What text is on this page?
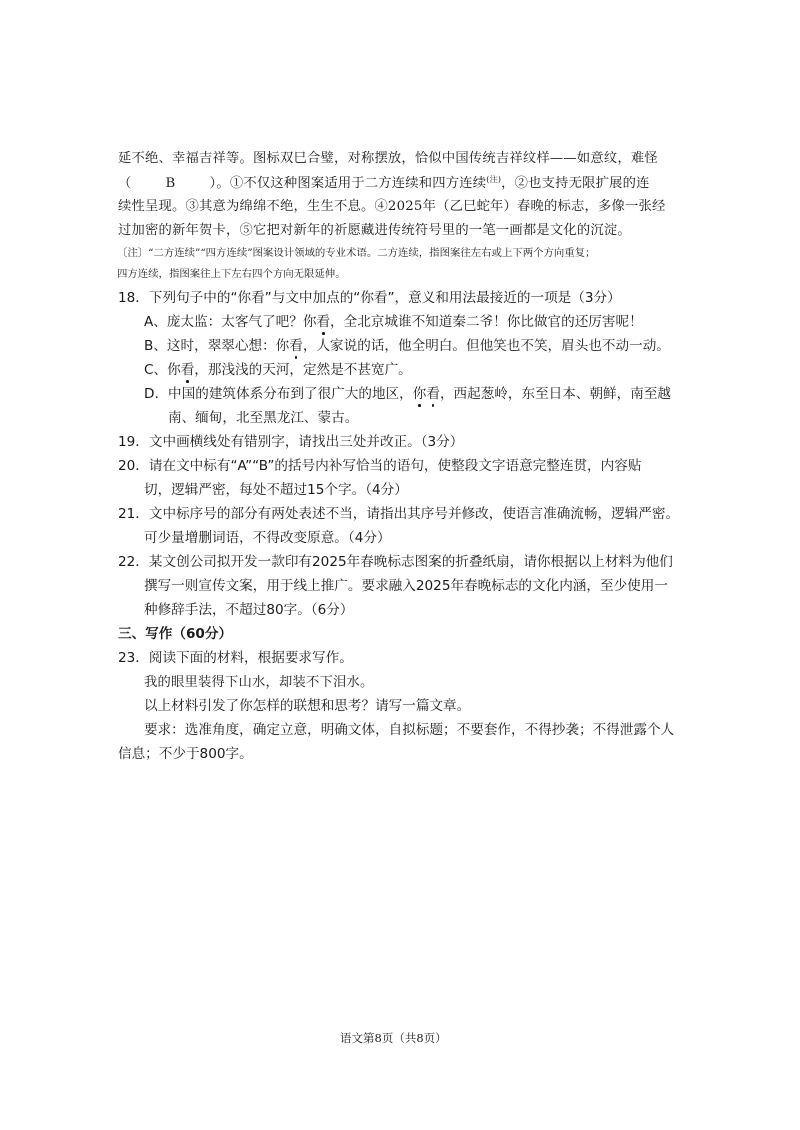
延不绝、幸福吉祥等。图标双巳合璧，对称摆放，恰似中国传统吉祥纹样——如意纹，难怪
（	B	）。①不仅这种图案适用于二方连续和四方连续$^{(注)}$，②也支持无限扩展的连
续性呈现。③其意为绵绵不绝，生生不息。④2025年（乙巳蛇年）春晚的标志，多像一张经
过加密的新年贺卡，⑤它把对新年的祈愿藏进传统符号里的一笔一画都是文化的沉淀。
〔注〕“二方连续”“四方连续”图案设计领域的专业术语。二方连续，指图案往左右或上下两个方向重复；
四方连续，指图案往上下左右四个方向无限延伸。
18．下列句子中的“你看”与文中加点的“你看”，意义和用法最接近的一项是（3分）
A、庞太监：太客气了吧？你看，全北京城谁不知道秦二爷！你比做官的还厉害呢！
B、这时，翠翠心想：你看，人家说的话，他全明白。但他笑也不笑，眉头也不动一动。
C、你看，那浅浅的天河，定然是不甚宽广。
D．中国的建筑体系分布到了很广大的地区，你看，西起葱岭，东至日本、朝鲜，南至越
南、缅甸，北至黑龙江、蒙古。
19．文中画横线处有错别字，请找出三处并改正。（3分）
20．请在文中标有“A”“B”的括号内补写恰当的语句，使整段文字语意完整连贯，内容贴
切，逻辑严密，每处不超过15个字。（4分）
21．文中标序号的部分有两处表述不当，请指出其序号并修改，使语言准确流畅，逻辑严密。
可少量增删词语，不得改变原意。（4分）
22．某文创公司拟开发一款印有2025年春晚标志图案的折叠纸扇，请你根据以上材料为他们
撰写一则宣传文案，用于线上推广。要求融入2025年春晚标志的文化内涵，至少使用一
种修辞手法，不超过80字。（6分）
三、写作（60分）
23．阅读下面的材料，根据要求写作。
我的眼里装得下山水，却装不下泪水。
以上材料引发了你怎样的联想和思考？请写一篇文章。
要求：选准角度，确定立意，明确文体，自拟标题；不要套作，不得抄袭；不得泄露个人
信息；不少于800字。
语文第8页（共8页）
